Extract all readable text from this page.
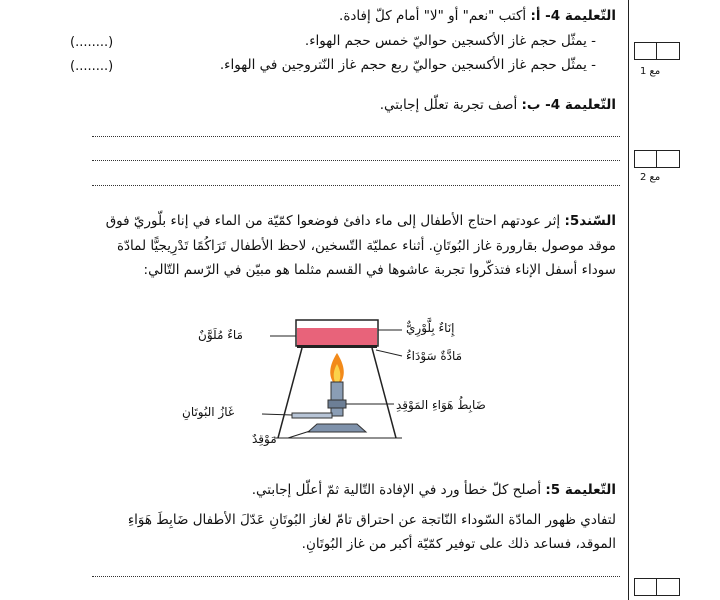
مع 1
مع 2
التّعليمة 4- أ: أكتب "نعم" أو "لا" أمام كلّ إفادة.
- يمثّل حجم غاز الأكسجين حواليّ خمس حجم الهواء.
(........)
- يمثّل حجم غاز الأكسجين حواليّ ربع حجم غاز النّتروجين في الهواء.
(........)
التّعليمة 4- ب: أصف تجربة تعلّل إجابتي.
السّند5: إثر عودتهم احتاج الأطفال إلى ماء دافئ فوضعوا كمّيّة من الماء في إناء بلّوريّ فوق
موقد موصول بقارورة غاز البُوتَانِ. أثناء عمليّة التّسخين، لاحظ الأطفال تَرَاكُمًا تَدْرِيجيًّا لمادّة
سوداء أسفل الإناء فتذكّروا تجربة عاشوها في القسم مثلما هو مبيّن في الرّسم التّالي:
مَاءٌ مُلَوَّنٌ	إِنَاءٌ بِلَّوْرِيٌّ
مَادَّةٌ سَوْدَاءُ
ضَابِطُ هَوَاءِ المَوْقِدِ
غَازُ البُوتَانِ
مَوْقِدٌ
التّعليمة 5: أصلح كلّ خطأ ورد في الإفادة التّالية ثمّ أعلّل إجابتي.
لتفادي ظهور المادّة السّوداء النّاتجة عن احتراق تامّ لغاز البُوتَانِ عَدّلَ الأطفال ضَابِطَ هَوَاءِ
الموقد، فساعد ذلك على توفير كمّيّة أكبر من غاز البُوتَانِ.
